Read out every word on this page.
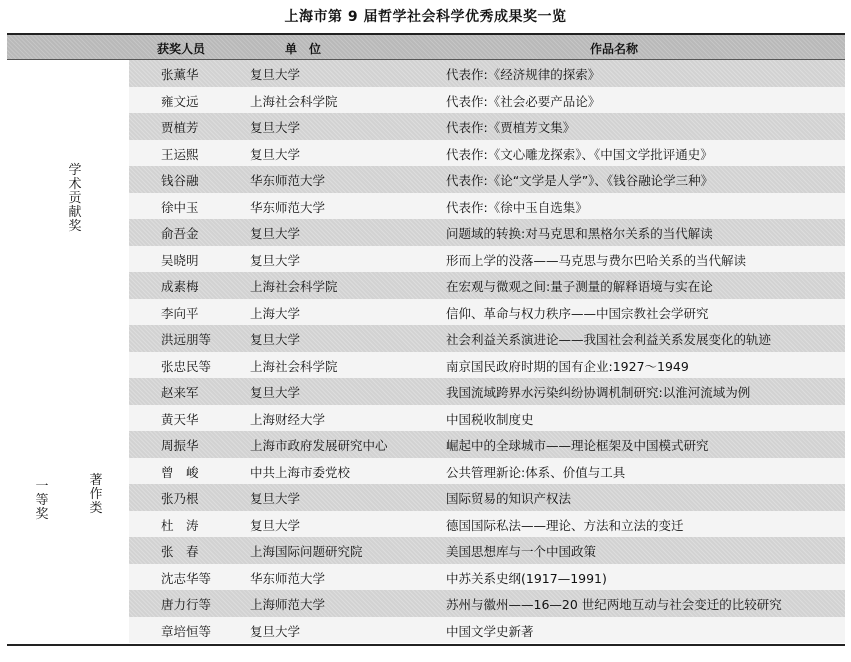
上海市第 9 届哲学社会科学优秀成果奖一览
获奖人员	单　位	作品名称
一等奖
学术贡献奖
著作类
张薰华	复旦大学	代表作:《经济规律的探索》
雍文远	上海社会科学院	代表作:《社会必要产品论》
贾植芳	复旦大学	代表作:《贾植芳文集》
王运熙	复旦大学	代表作:《文心雕龙探索》、《中国文学批评通史》
钱谷融	华东师范大学	代表作:《论“文学是人学”》、《钱谷融论学三种》
徐中玉	华东师范大学	代表作:《徐中玉自选集》
俞吾金	复旦大学	问题域的转换:对马克思和黑格尔关系的当代解读
吴晓明	复旦大学	形而上学的没落——马克思与费尔巴哈关系的当代解读
成素梅	上海社会科学院	在宏观与微观之间:量子测量的解释语境与实在论
李向平	上海大学	信仰、革命与权力秩序——中国宗教社会学研究
洪远朋等	复旦大学	社会利益关系演进论——我国社会利益关系发展变化的轨迹
张忠民等	上海社会科学院	南京国民政府时期的国有企业:1927～1949
赵来军	复旦大学	我国流域跨界水污染纠纷协调机制研究:以淮河流域为例
黄天华	上海财经大学	中国税收制度史
周振华	上海市政府发展研究中心	崛起中的全球城市——理论框架及中国模式研究
曾　峻	中共上海市委党校	公共管理新论:体系、价值与工具
张乃根	复旦大学	国际贸易的知识产权法
杜　涛	复旦大学	德国国际私法——理论、方法和立法的变迁
张　春	上海国际问题研究院	美国思想库与一个中国政策
沈志华等	华东师范大学	中苏关系史纲(1917—1991)
唐力行等	上海师范大学	苏州与徽州——16—20 世纪两地互动与社会变迁的比较研究
章培恒等	复旦大学	中国文学史新著
